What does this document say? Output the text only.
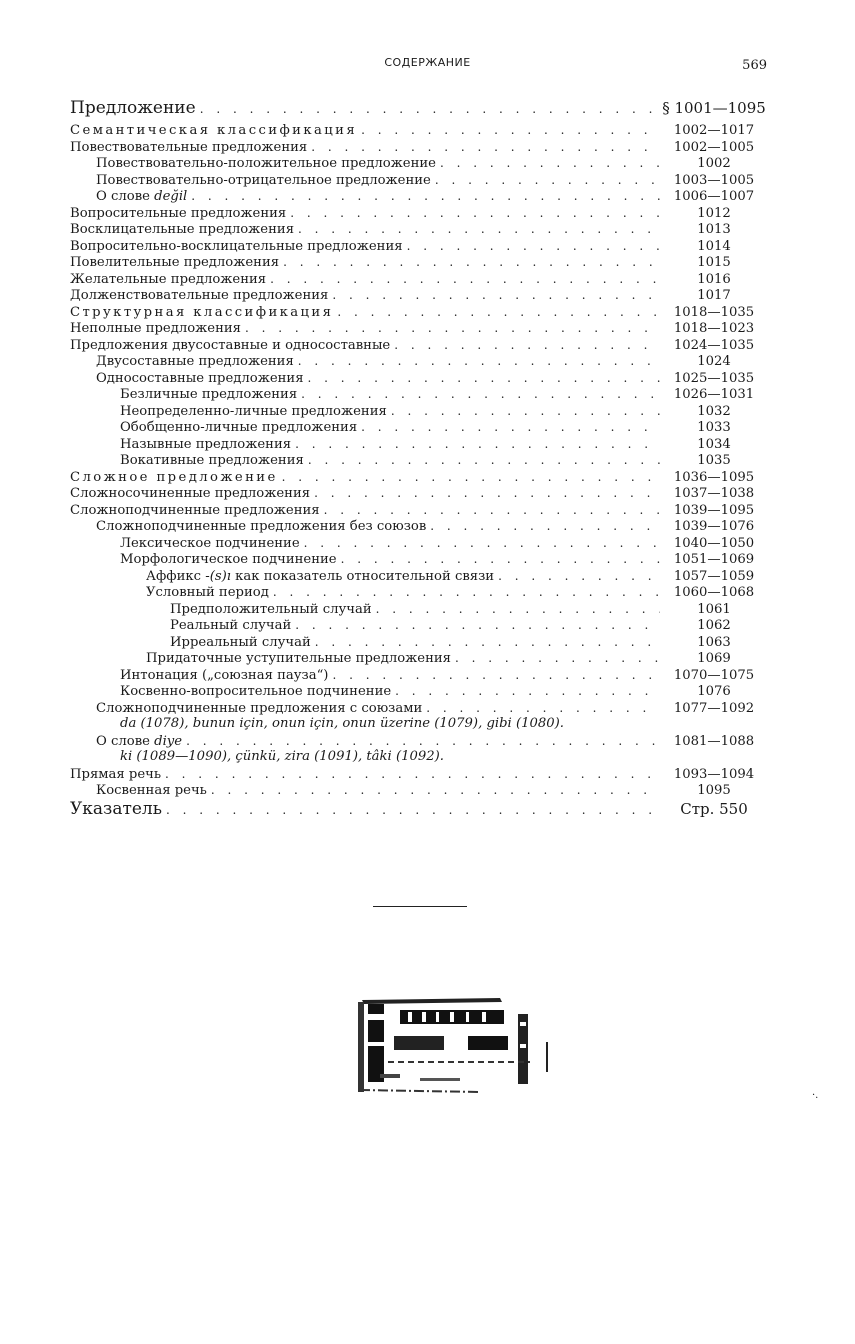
СОДЕРЖАНИЕ	569
Предложение . . .	§ 1001—1095
Семантическая классификация . . .	1002—1017
Повествовательные предложения . . .	1002—1005
Повествовательно-положительное предложение . . .	1002
Повествовательно-отрицательное предложение . . .	1003—1005
О слове değil . . .	1006—1007
Вопросительные предложения . . .	1012
Восклицательные предложения . . .	1013
Вопросительно-восклицательные предложения . . .	1014
Повелительные предложения . . .	1015
Желательные предложения . . .	1016
Долженствовательные предложения . . .	1017
Структурная классификация . . .	1018—1035
Неполные предложения . . .	1018—1023
Предложения двусоставные и односоставные . . .	1024—1035
Двусоставные предложения . . .	1024
Односоставные предложения . . .	1025—1035
Безличные предложения . . .	1026—1031
Неопределенно-личные предложения . . .	1032
Обобщенно-личные предложения . . .	1033
Назывные предложения . . .	1034
Вокативные предложения . . .	1035
Сложное предложение . . .	1036—1095
Сложносочиненные предложения . . .	1037—1038
Сложноподчиненные предложения . . .	1039—1095
Сложноподчиненные предложения без союзов . . .	1039—1076
Лексическое подчинение . . .	1040—1050
Морфологическое подчинение . . .	1051—1069
Аффикс -(s)ı как показатель относительной связи . . .	1057—1059
Условный период . . .	1060—1068
Предположительный случай . . .	1061
Реальный случай . . .	1062
Ирреальный случай . . .	1063
Придаточные уступительные предложения . . .	1069
Интонация („союзная пауза“) . . .	1070—1075
Косвенно-вопросительное подчинение . . .	1076
Сложноподчиненные предложения с союзами . . .	1077—1092
da (1078), bunun için, onun için, onun üzerine (1079), gibi (1080).
О слове diye . . .	1081—1088
ki (1089—1090), çünkü, zira (1091), tâki (1092).
Прямая речь . . .	1093—1094
Косвенная речь . . .	1095
Указатель . . .	Стр. 550
·.
